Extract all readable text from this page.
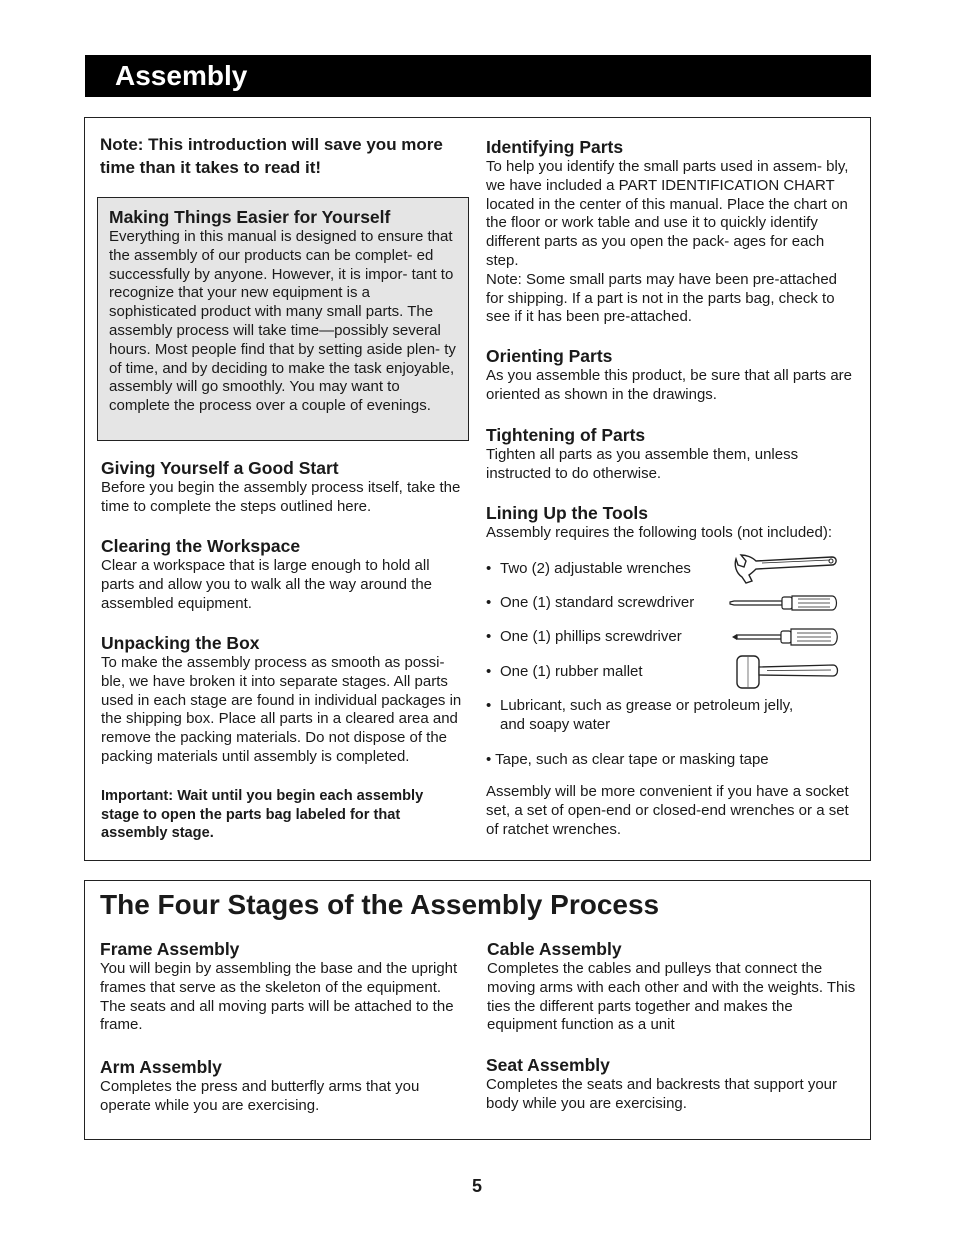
Assembly

Note: This introduction will save you more time than it takes to read it!

Making Things Easier for Yourself

Everything in this manual is designed to ensure that the assembly of our products can be complet- ed successfully by anyone. However, it is impor- tant to recognize that your new equipment is a sophisticated product with many small parts. The assembly process will take time—possibly several hours. Most people find that by setting aside plen- ty of time, and by deciding to make the task enjoyable, assembly will go smoothly. You may want to complete the process over a couple of evenings.

Giving Yourself a Good Start

Before you begin the assembly process itself, take the time to complete the steps outlined here.

Clearing the Workspace

Clear a workspace that is large enough to hold all parts and allow you to walk all the way around the assembled equipment.

Unpacking the Box

To make the assembly process as smooth as possi- ble, we have broken it into separate stages. All parts used in each stage are found in individual packages in the shipping box. Place all parts in a cleared area and remove the packing materials. Do not dispose of the packing materials until assembly is completed.

Important: Wait until you begin each assembly stage to open the parts bag labeled for that assembly stage.

Identifying Parts

To help you identify the small parts used in assem- bly, we have included a PART IDENTIFICATION CHART located in the center of this manual. Place the chart on the floor or work table and use it to quickly identify different parts as you open the pack- ages for each step.

Note: Some small parts may have been pre-attached for shipping. If a part is not in the parts bag, check to see if it has been pre-attached.

Orienting Parts

As you assemble this product, be sure that all parts are oriented as shown in the drawings.

Tightening of Parts

Tighten all parts as you assemble them, unless instructed to do otherwise.

Lining Up the Tools

Assembly requires the following tools (not included):

• Two (2) adjustable wrenches
• One (1) standard screwdriver
• One (1) phillips screwdriver
• One (1) rubber mallet
• Lubricant, such as grease or petroleum jelly,
and soapy water
• Tape, such as clear tape or masking tape

Assembly will be more convenient if you have a socket set, a set of open-end or closed-end wrenches or a set of ratchet wrenches.

The Four Stages of the Assembly Process
Frame Assembly

You will begin by assembling the base and the upright frames that serve as the skeleton of the equipment. The seats and all moving parts will be attached to the frame.

Arm Assembly

Completes the press and butterfly arms that you operate while you are exercising.

Cable Assembly

Completes the cables and pulleys that connect the moving arms with each other and with the weights. This ties the different parts together and makes the equipment function as a unit

Seat Assembly

Completes the seats and backrests that support your body while you are exercising.

5
